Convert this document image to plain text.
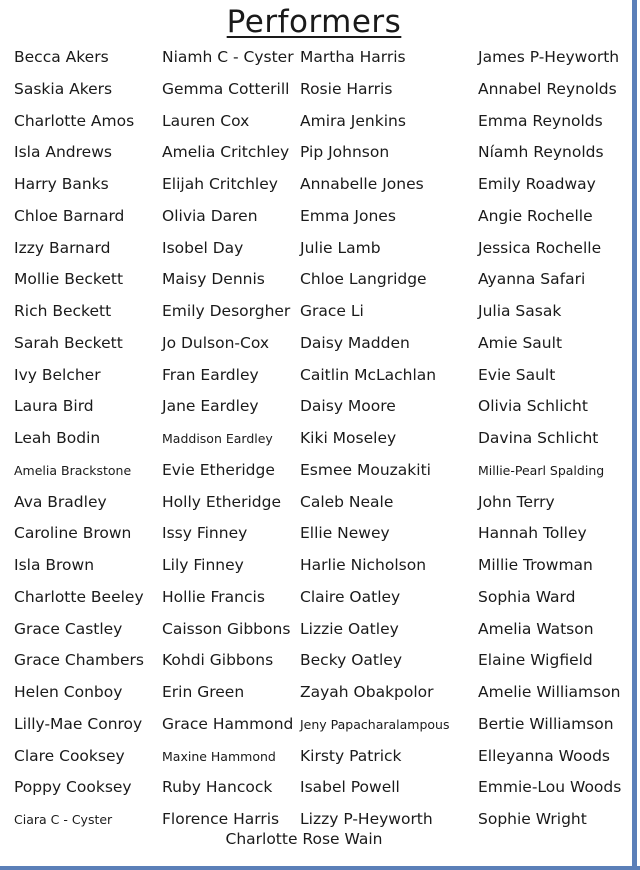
Performers
Becca Akers
Saskia Akers
Charlotte Amos
Isla Andrews
Harry Banks
Chloe Barnard
Izzy Barnard
Mollie Beckett
Rich Beckett
Sarah Beckett
Ivy Belcher
Laura Bird
Leah Bodin
Amelia Brackstone
Ava Bradley
Caroline Brown
Isla Brown
Charlotte Beeley
Grace Castley
Grace Chambers
Helen Conboy
Lilly-Mae Conroy
Clare Cooksey
Poppy Cooksey
Ciara C - Cyster
Niamh C - Cyster
Gemma Cotterill
Lauren Cox
Amelia Critchley
Elijah Critchley
Olivia Daren
Isobel Day
Maisy Dennis
Emily Desorgher
Jo Dulson-Cox
Fran Eardley
Jane Eardley
Maddison Eardley
Evie Etheridge
Holly Etheridge
Issy Finney
Lily Finney
Hollie Francis
Caisson Gibbons
Kohdi Gibbons
Erin Green
Grace Hammond
Maxine Hammond
Ruby Hancock
Florence Harris
Martha Harris
Rosie Harris
Amira Jenkins
Pip Johnson
Annabelle Jones
Emma Jones
Julie Lamb
Chloe Langridge
Grace Li
Daisy Madden
Caitlin McLachlan
Daisy Moore
Kiki Moseley
Esmee Mouzakiti
Caleb Neale
Ellie Newey
Harlie Nicholson
Claire Oatley
Lizzie Oatley
Becky Oatley
Zayah Obakpolor
Jeny Papacharalampous
Kirsty Patrick
Isabel Powell
Lizzy P-Heyworth
James P-Heyworth
Annabel Reynolds
Emma Reynolds
Níamh Reynolds
Emily Roadway
Angie Rochelle
Jessica Rochelle
Ayanna Safari
Julia Sasak
Amie Sault
Evie Sault
Olivia Schlicht
Davina Schlicht
Millie-Pearl Spalding
John Terry
Hannah Tolley
Millie Trowman
Sophia Ward
Amelia Watson
Elaine Wigfield
Amelie Williamson
Bertie Williamson
Elleyanna Woods
Emmie-Lou Woods
Sophie Wright
Charlotte Rose Wain
